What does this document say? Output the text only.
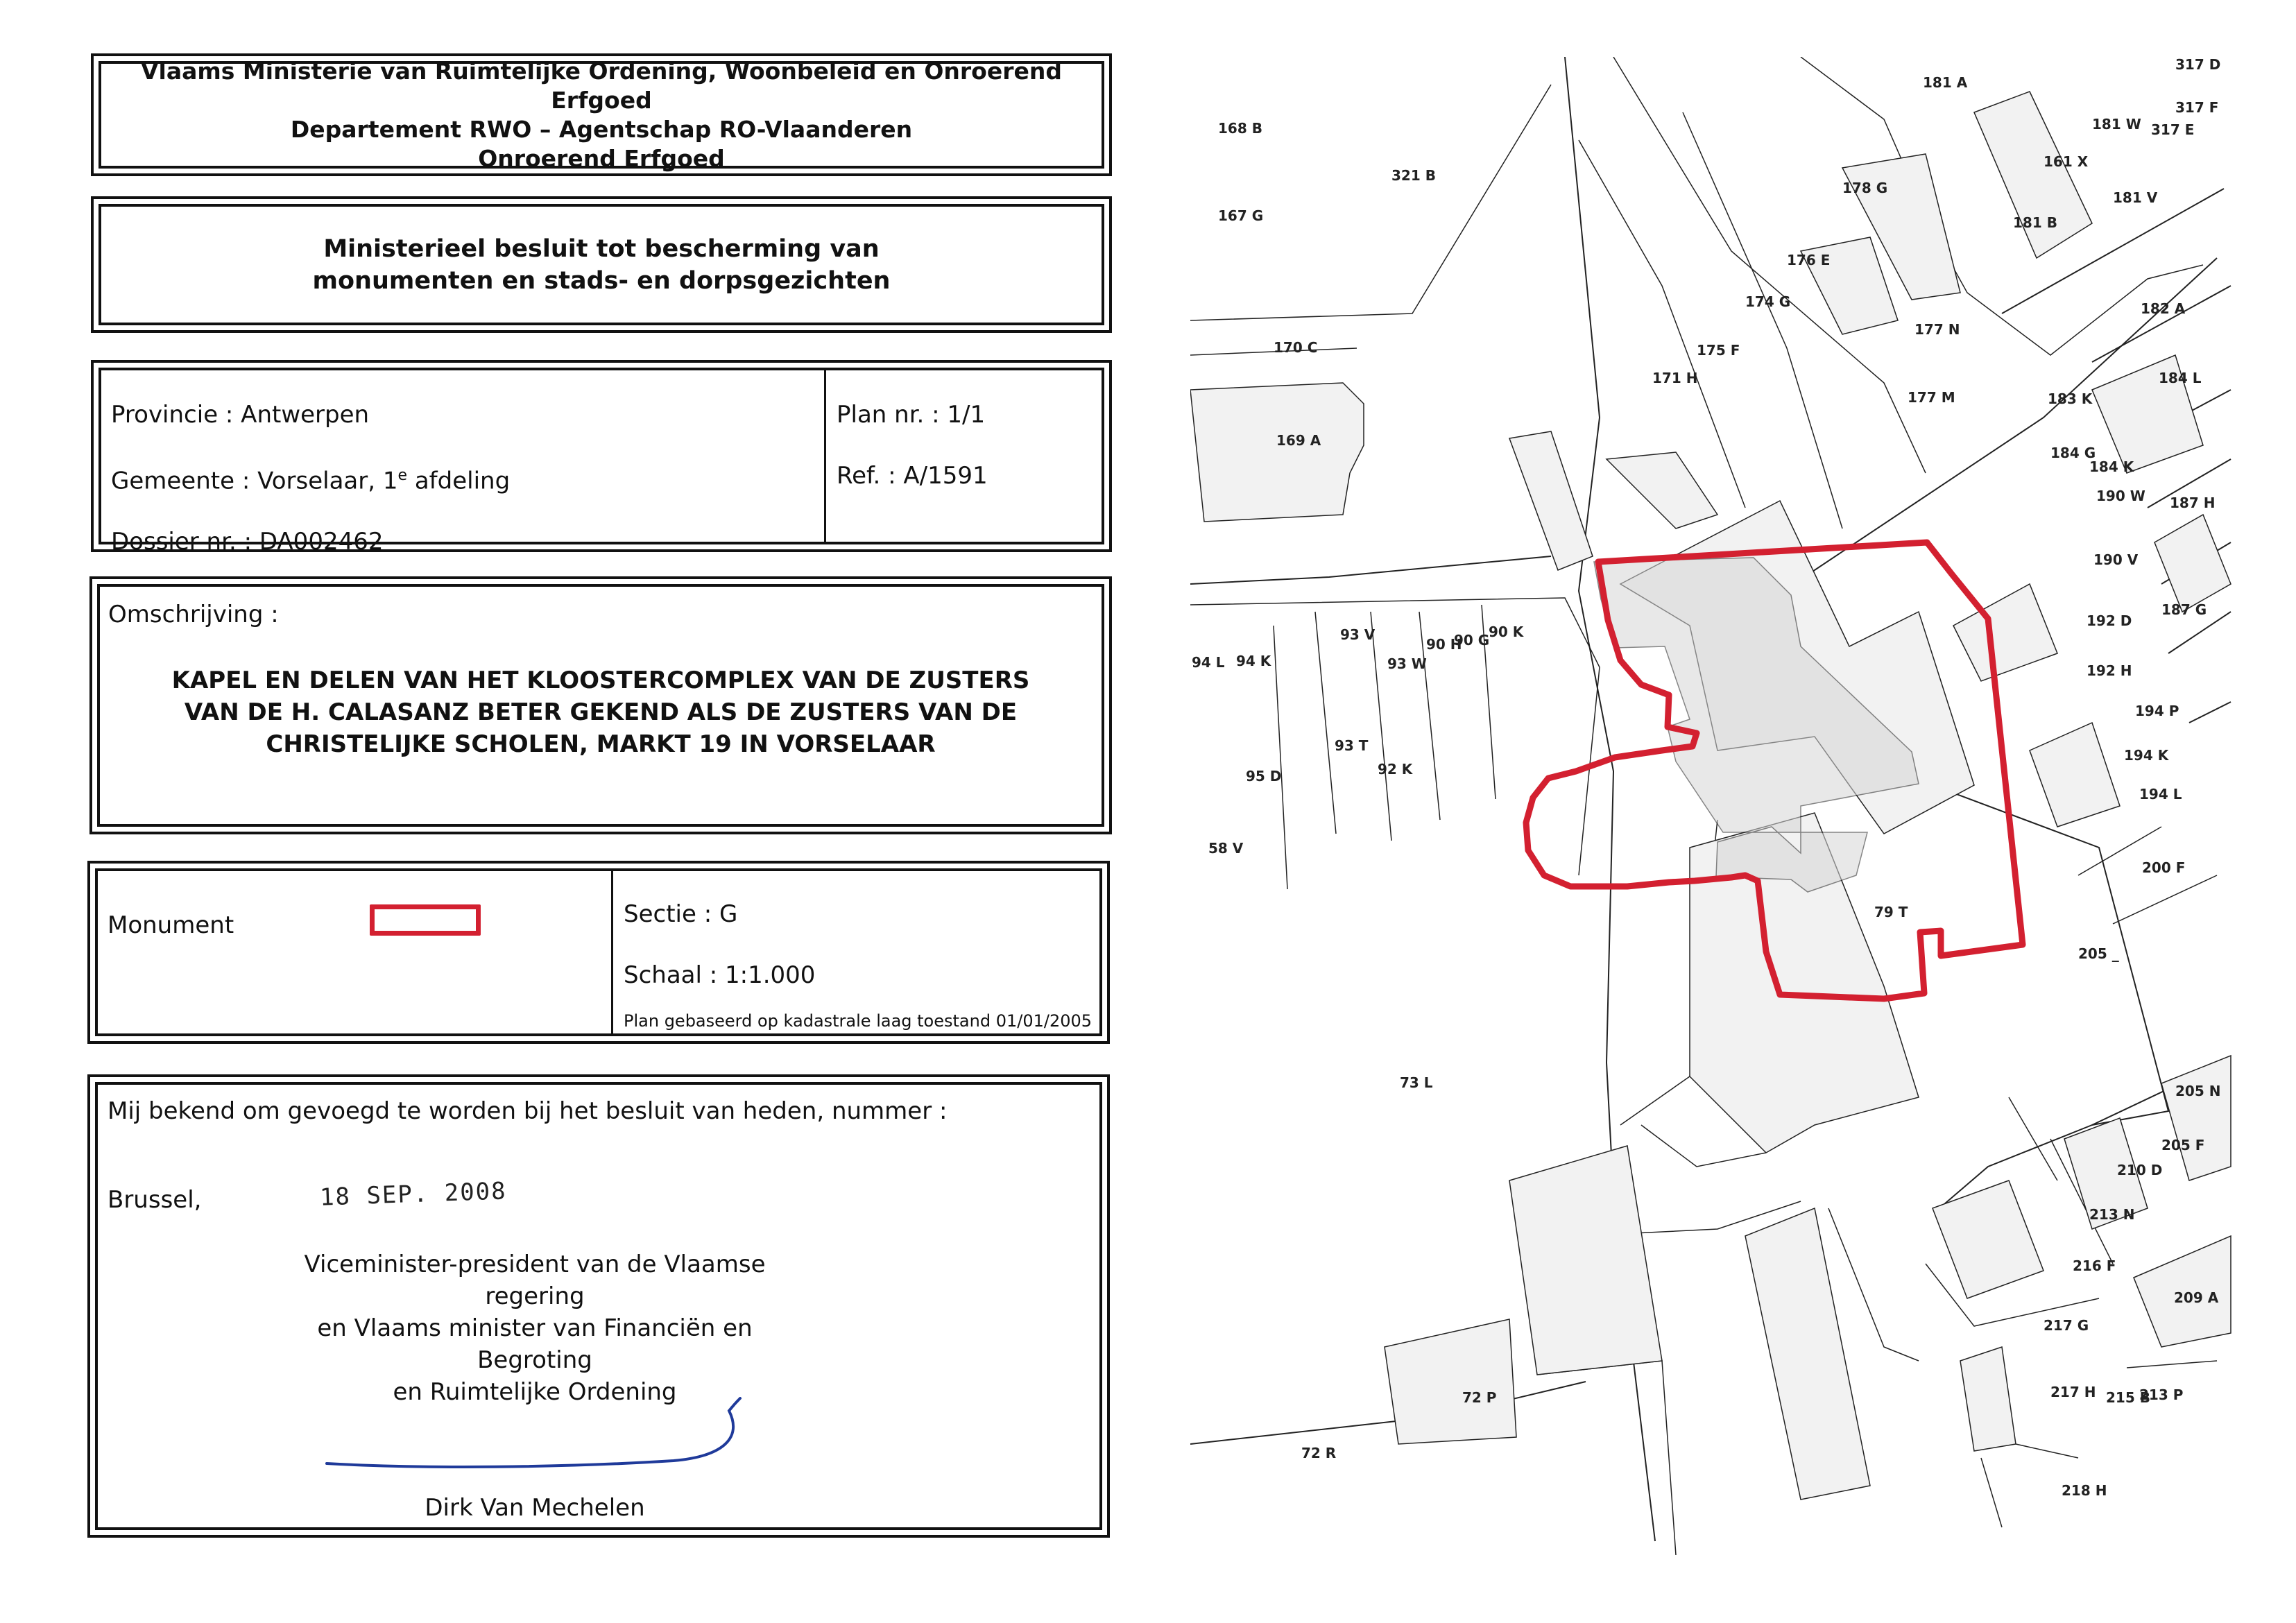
Vlaams Ministerie van Ruimtelijke Ordening, Woonbeleid en Onroerend Erfgoed
Departement RWO – Agentschap RO-Vlaanderen
Onroerend Erfgoed
Ministerieel besluit tot bescherming van
monumenten en stads- en dorpsgezichten
Provincie : Antwerpen
Gemeente : Vorselaar, 1e afdeling
Dossier nr. : DA002462
Plan nr. : 1/1
Ref. : A/1591
Omschrijving :
KAPEL EN DELEN VAN HET KLOOSTERCOMPLEX VAN DE ZUSTERS
VAN DE H. CALASANZ BETER GEKEND ALS DE ZUSTERS VAN DE
CHRISTELIJKE SCHOLEN, MARKT 19 IN VORSELAAR
Monument	Sectie : G
Schaal : 1:1.000
Plan gebaseerd op kadastrale laag toestand 01/01/2005
Mij bekend om gevoegd te worden bij het besluit van heden, nummer :
Brussel,	18 SEP. 2008
Viceminister-president van de Vlaamse regering
en Vlaams minister van Financiën en Begroting
en Ruimtelijke Ordening
Dirk Van Mechelen
317 D
317 F
317 E
181 A
181 W
168 B
161 X
181 V
321 B
178 G
181 B
167 G
176 E
174 G	182 A
177 N
170 C	175 F
171 H
177 M
184 L
183 K
169 A
184 G
184 K
190 W 187 H
190 V
187 G
93 V
90 H
90 G
90 K
192 D
94 L 94 K	93 W	192 H
194 P
93 T
92 K
194 K
95 D
194 L
58 V
200 F
79 T
205 _
73 L	205 N
205 F
210 D
213 N
216 F
209 A
217 G
217 H 215 B
213 P
72 P
72 R
218 H
